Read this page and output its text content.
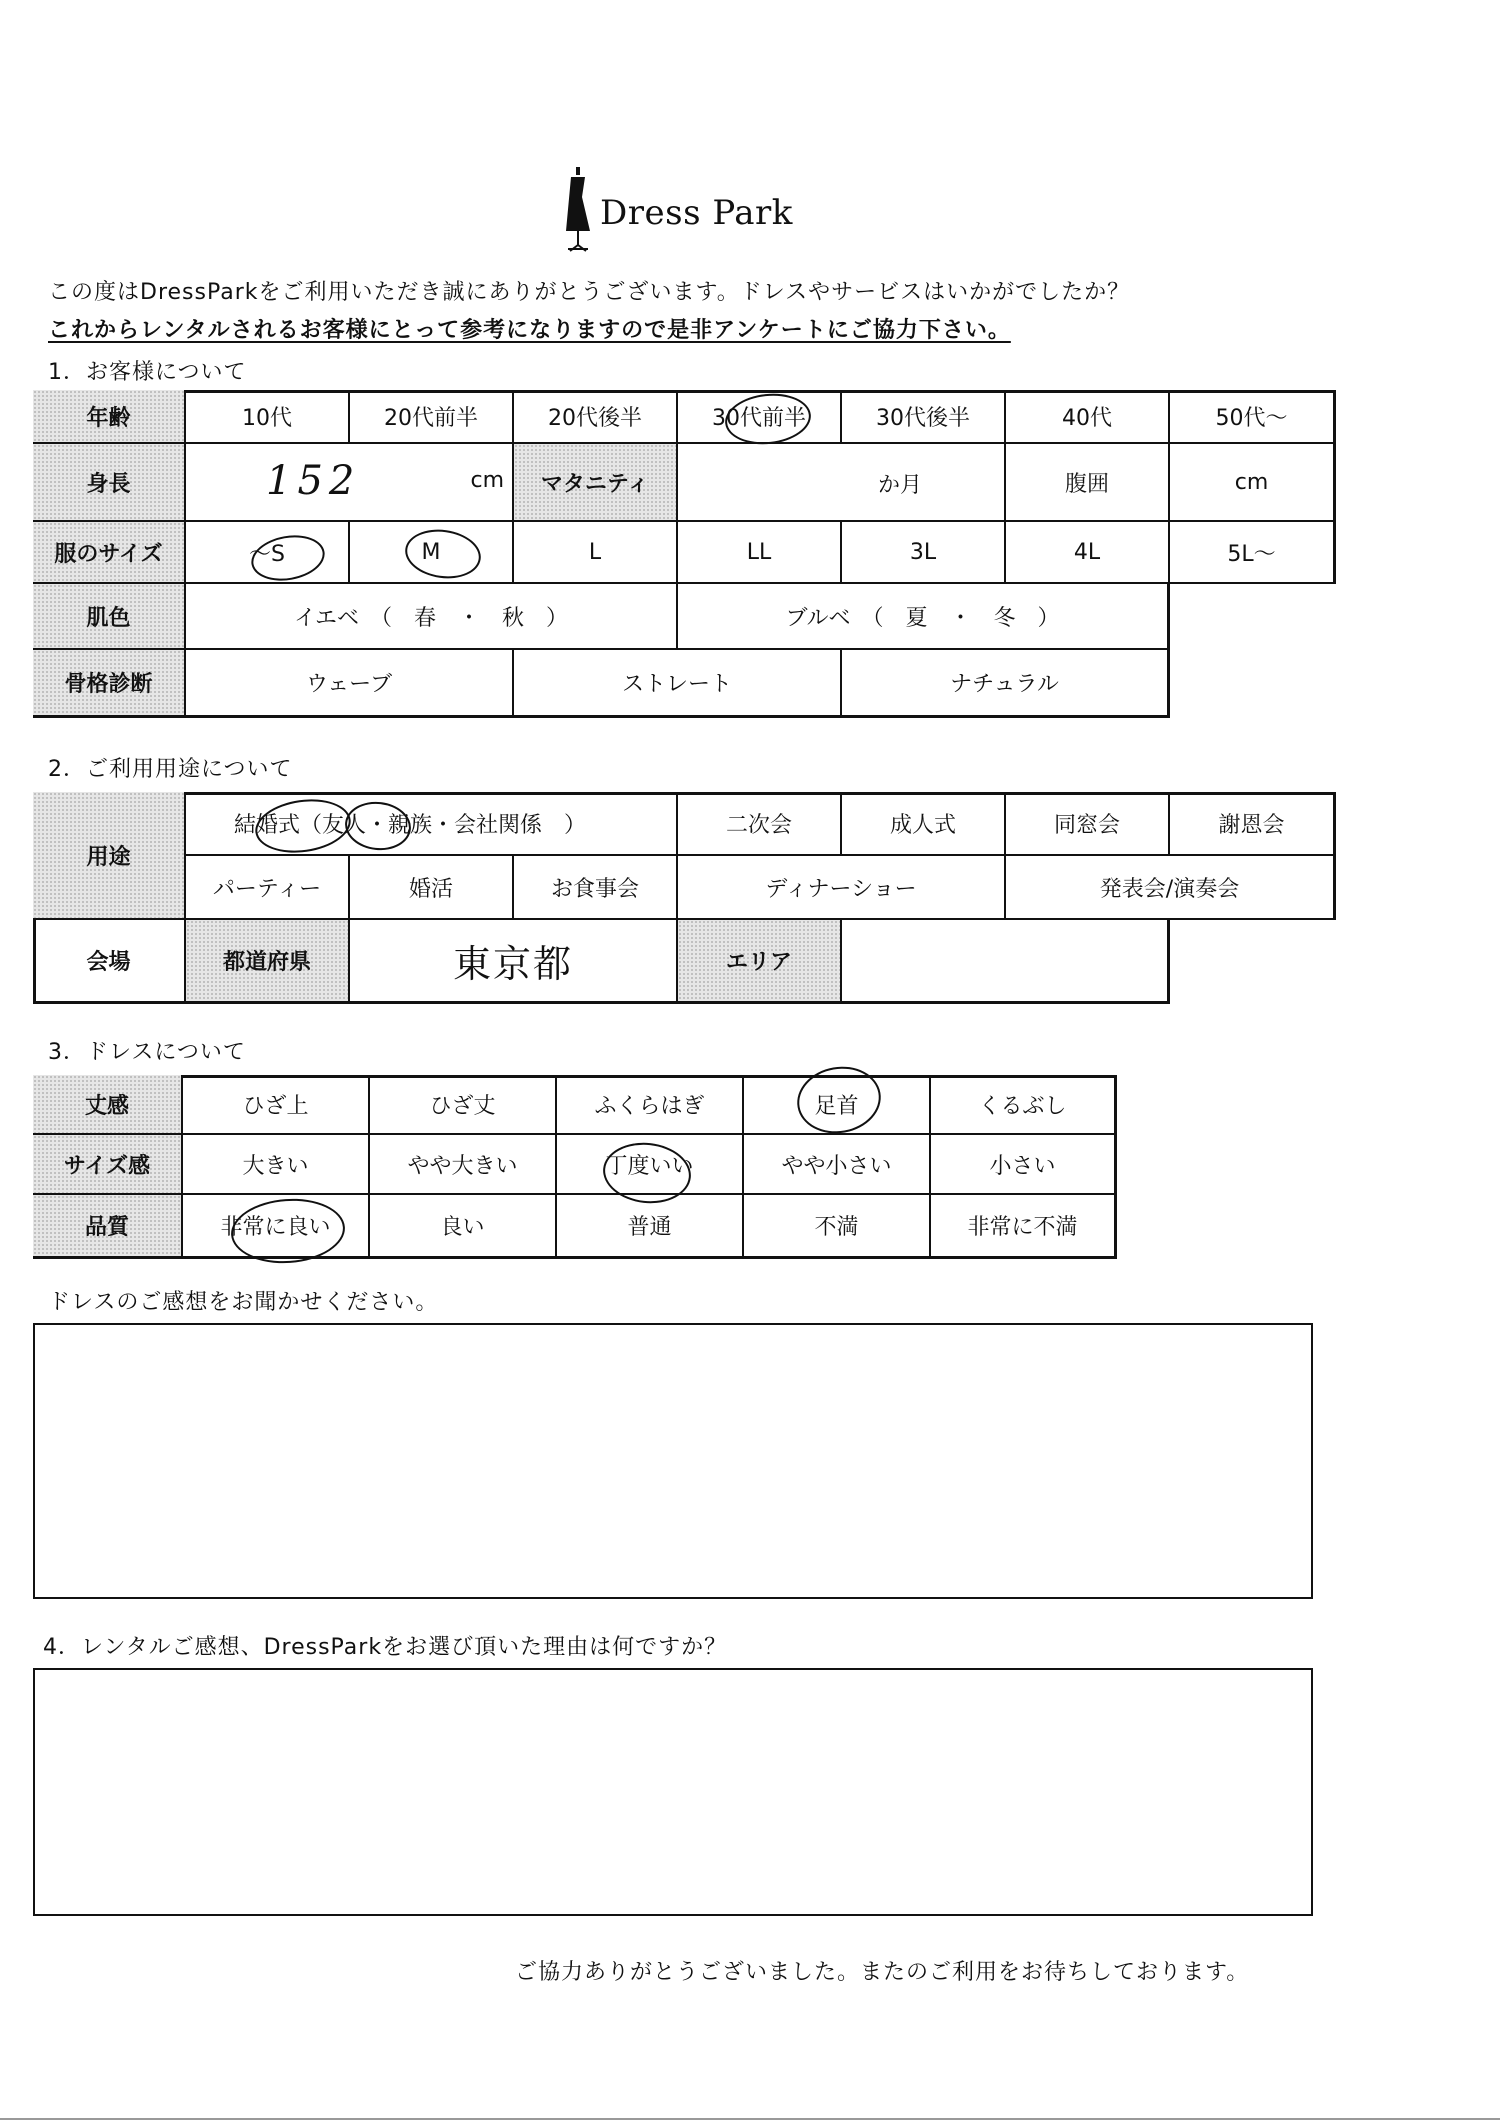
Dress Park
この度はDressParkをご利用いただき誠にありがとうございます。ドレスやサービスはいかがでしたか？
これからレンタルされるお客様にとって参考になりますので是非アンケートにご協力下さい。
1．お客様について
年齢	10代	20代前半	20代後半	30代前半	30代後半	40代	50代～
身長	152	cm	マタニティ	か月	腹囲	cm
服のサイズ	～S	M	L	LL	3L	4L	5L～
肌色	イエベ　（　春　・　秋　）	ブルベ　（　夏　・　冬　）
骨格診断	ウェーブ	ストレート	ナチュラル
2．ご利用用途について
用途
結婚式（ 友人 ・親族・会社関係　）	二次会	成人式	同窓会	謝恩会
パーティー	婚活	お食事会	ディナーショー	発表会/演奏会
会場	都道府県	東京都	エリア
3．ドレスについて
丈感	ひざ上	ひざ丈	ふくらはぎ	足首	くるぶし
サイズ感	大きい	やや大きい	丁度いい	やや小さい	小さい
品質	非常に良い	良い	普通	不満	非常に不満
ドレスのご感想をお聞かせください。
4．レンタルご感想、DressParkをお選び頂いた理由は何ですか？
ご協力ありがとうございました。またのご利用をお待ちしております。
